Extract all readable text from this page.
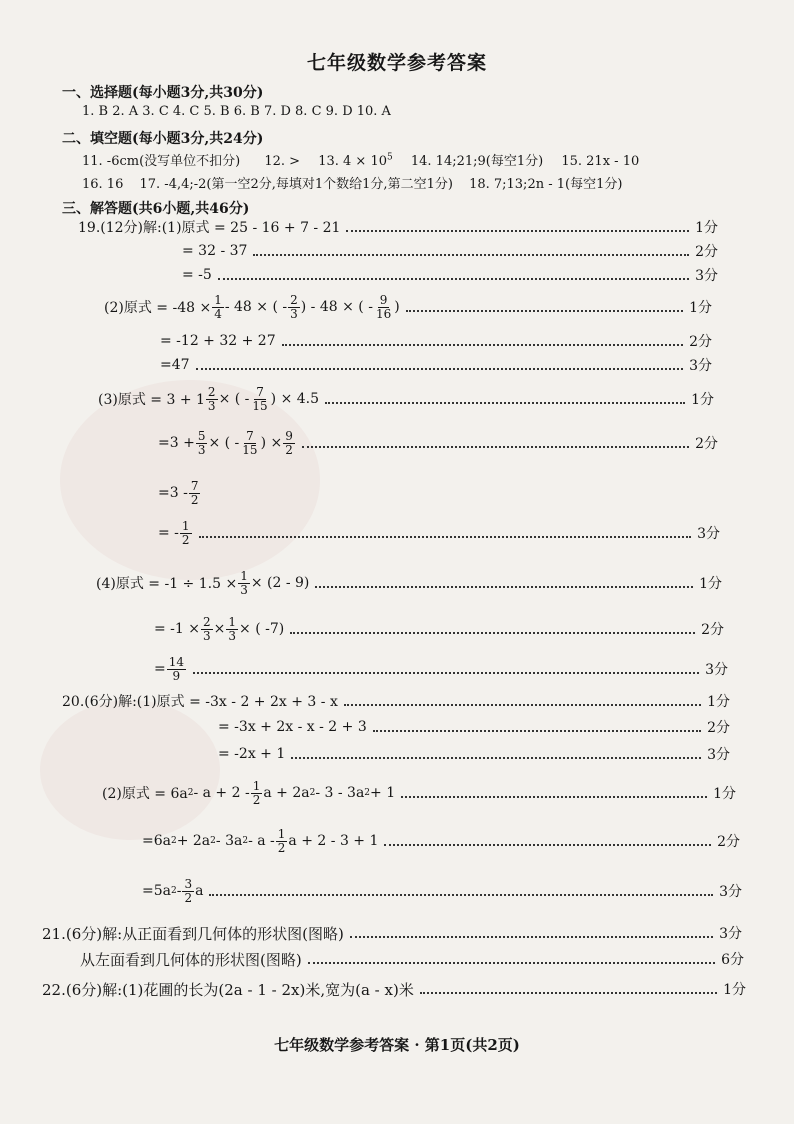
七年级数学参考答案
一、选择题(每小题3分,共30分)
1. B 2. A 3. C 4. C 5. B 6. B 7. D 8. C 9. D 10. A
二、填空题(每小题3分,共24分)
11. -6cm(没写单位不扣分) 12. > 13. $4 \times 10^5$ 14. 14;21;9(每空1分) 15. 21x - 10
16. 16 17. -4,4;-2(第一空2分,每填对1个数给1分,第二空1分) 18. 7;13;2n - 1(每空1分)
三、解答题(共6小题,共46分)
19.(12分)解:(1)原式 = 25 - 16 + 7 - 21	1分
= 32 - 37	2分
= -5	3分
(2)原式 = $-48 \times \frac{1}{4} - 48$ × ( - $\frac{2}{3}$ ) - 48 × ( - $\frac{9}{16}$ )	1分
= -12 + 32 + 27	2分
=47	3分
(3)原式 = $3 + 1 \frac{2}{3}$ × ( - $\frac{7}{15}$ ) × 4.5	1分
$=3 + \frac{5}{3}$ × ( - $\frac{7}{15}$ ) × $\frac{9}{2}$	2分
$=3 - \frac{7}{2}$
= - $\frac{1}{2}$	3分
(4)原式 = $-1 \div 1.5 \times \frac{1}{3} \times (2 - 9)$	1分
= $-1 \times \frac{2}{3} \times \frac{1}{3}$ × ( -7)	2分
= $\frac{14}{9}$	3分
20.(6分)解:(1)原式 = -3x - 2 + 2x + 3 - x	1分
= -3x + 2x - x - 2 + 3	2分
= -2x + 1	3分
(2)原式 = 6a $2 - a + 2 - \frac{1}{2}$ a + 2a 2 - 3 - 3a 2 + 1	1分
=6a 2 + 2a 2 - 3a 2 - a - $\frac{1}{2}$ a + 2 - 3 + 1	2分
=5a $2 - \frac{3}{2}$ a	3分
21.(6分)解:从正面看到几何体的形状图(图略)	3分
从左面看到几何体的形状图(图略)	6分
22.(6分)解:(1)花圃的长为(2a - 1 - 2x)米,宽为(a - x)米	1分
七年级数学参考答案 · 第1页(共2页)
